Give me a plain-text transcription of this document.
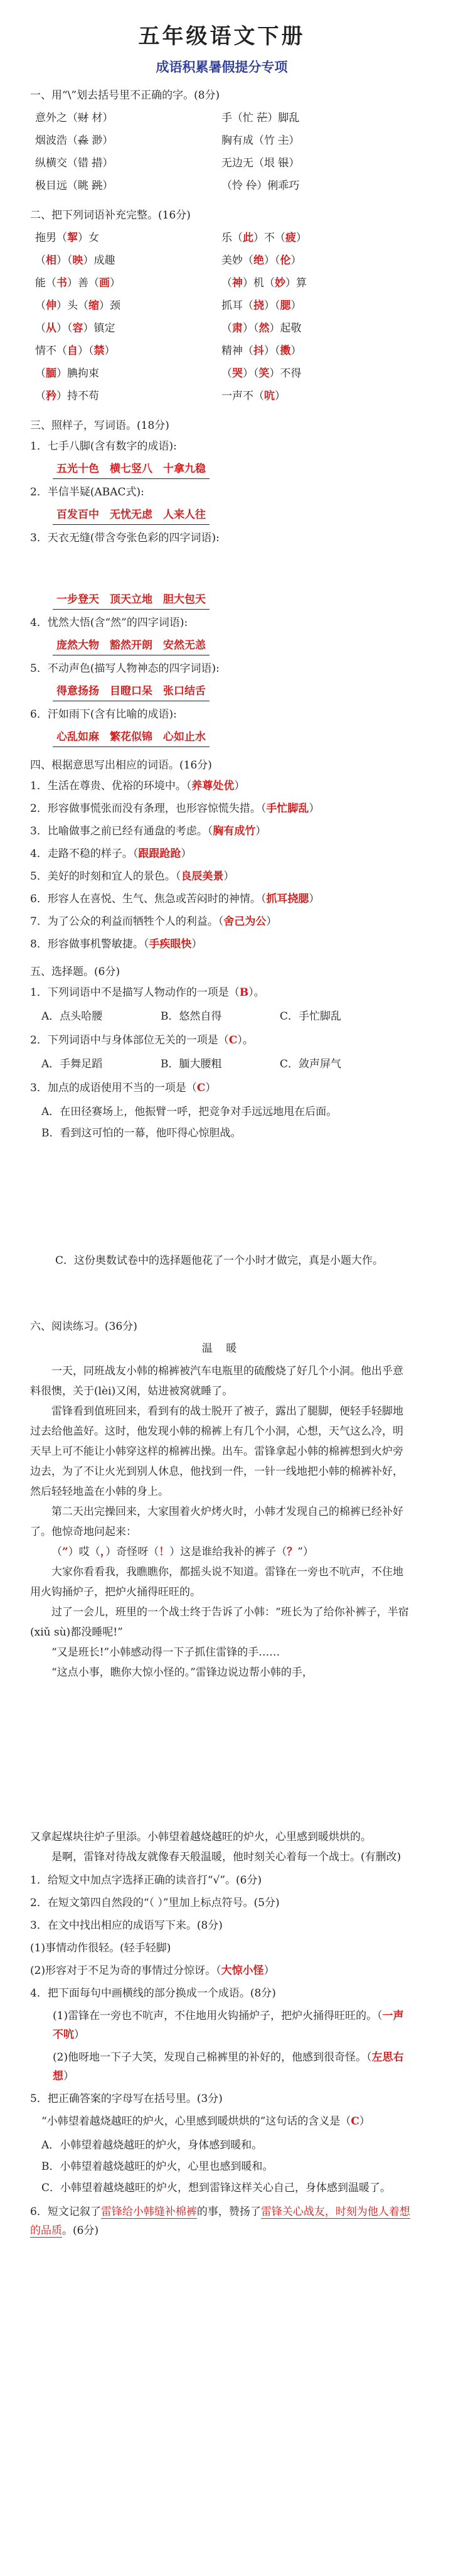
五年级语文下册
成语积累暑假提分专项
一、用“\”划去括号里不正确的字。(8分)
意外之（财 材）	手（忙 茫）脚乱
烟波浩（淼 渺）	胸有成（竹 主）
纵横交（错 措）	无边无（垠 银）
极目远（眺 跳）	（怜 伶）俐乖巧
二、把下列词语补充完整。(16分)
拖男（挈）女	乐（此）不（疲）
（相）（映）成趣	美妙（绝）（伦）
能（书）善（画）	（神）机（妙）算
（伸）头（缩）颈	抓耳（挠）（腮）
（从）（容）镇定	（肃）（然）起敬
情不（自）（禁）	精神（抖）（擞）
（腼）腆拘束	（哭）（笑）不得
（矜）持不苟	一声不（吭）
三、照样子，写词语。(18分)
1．七手八脚(含有数字的成语):
五光十色　横七竖八　十拿九稳
2．半信半疑(ABAC式):
百发百中　无忧无虑　人来人往
3．天衣无缝(带含夸张色彩的四字词语):
一步登天　顶天立地　胆大包天
4．忧然大悟(含“然”的四字词语):
庞然大物　豁然开朗　安然无恙
5．不动声色(描写人物神态的四字词语):
得意扬扬　目瞪口呆　张口结舌
6．汗如雨下(含有比喻的成语):
心乱如麻　繁花似锦　心如止水
四、根据意思写出相应的词语。(16分)
1．生活在尊贵、优裕的环境中。（养尊处优）
2．形容做事慌张而没有条理，也形容惊慌失措。（手忙脚乱）
3．比喻做事之前已经有通盘的考虑。（胸有成竹）
4．走路不稳的样子。（跟跟跄跄）
5．美好的时刻和宜人的景色。（良辰美景）
6．形容人在喜悦、生气、焦急或苦闷时的神情。（抓耳挠腮）
7．为了公众的利益而牺牲个人的利益。（舍己为公）
8．形容做事机警敏捷。（手疾眼快）
五、选择题。(6分)
1．下列词语中不是描写人物动作的一项是（B）。
A．点头哈腰	B．悠然自得	C．手忙脚乱
2．下列词语中与身体部位无关的一项是（C）。
A．手舞足蹈	B．腼大腰粗	C．敛声屏气
3．加点的成语使用不当的一项是（C）
A．在田径赛场上，他振臂一呼，把竞争对手远远地甩在后面。
B．看到这可怕的一幕，他吓得心惊胆战。
C．这份奥数试卷中的选择题他花了一个小时才做完，真是小题大作。
六、阅读练习。(36分)
温 暖

一天，同班战友小韩的棉裤被汽车电瓶里的硫酸烧了好几个小洞。他出乎意料很懊，关于(lèi)又闲，姑进被窝就睡了。

雷锋看到值班回来，看到有的战士脱开了被子，露出了腿脚，便轻手轻脚地过去给他盖好。这时，他发现小韩的棉裤上有几个小洞，心想，天气这么冷，明天早上可不能让小韩穿这样的棉裤出操。出车。雷锋拿起小韩的棉裤想到火炉旁边去，为了不让火光到别人休息，他找到一件，一针一线地把小韩的棉裤补好，然后轻轻地盖在小韩的身上。

第二天出完操回来，大家围着火炉烤火时，小韩才发现自己的棉裤已经补好了。他惊奇地问起来：

（”）哎（，）奇怪呀（！）这是谁给我补的裤子（？”）

大家你看看我，我瞧瞧你，都摇头说不知道。雷锋在一旁也不吭声，不住地用火钩捅炉子，把炉火捅得旺旺的。

过了一会儿，班里的一个战士终于告诉了小韩：“班长为了给你补裤子，半宿(xiǔ sù)都没睡呢!”

“又是班长!”小韩感动得一下子抓住雷锋的手……

“这点小事，瞧你大惊小怪的。”雷锋边说边帮小韩的手，

又拿起煤块往炉子里添。小韩望着越烧越旺的炉火，心里感到暖烘烘的。

是啊，雷锋对待战友就像春天般温暖，他时刻关心着每一个战士。(有删改)

1．给短文中加点字选择正确的读音打“√”。(6分)
2．在短文第四自然段的“（ ）”里加上标点符号。(5分)
3．在文中找出相应的成语写下来。(8分)
(1)事情动作很轻。(轻手轻脚)
(2)形容对于不足为奇的事情过分惊讶。（大惊小怪）
4．把下面每句中画横线的部分换成一个成语。(8分)
(1)雷锋在一旁也不吭声，不住地用火钩捅炉子，把炉火捅得旺旺的。（一声不吭）
(2)他呀地一下子大笑，发现自己棉裤里的补好的，他感到很奇怪。（左思右想）
5．把正确答案的字母写在括号里。(3分)
“小韩望着越烧越旺的炉火，心里感到暖烘烘的”这句话的含义是（C）
A．小韩望着越烧越旺的炉火，身体感到暖和。
B．小韩望着越烧越旺的炉火，心里也感到暖和。
C．小韩望着越烧越旺的炉火，想到雷锋这样关心自己，身体感到温暖了。
6．短文记叙了雷锋给小韩缝补棉裤的事，赞扬了雷锋关心战友，时刻为他人着想的品质。(6分)
